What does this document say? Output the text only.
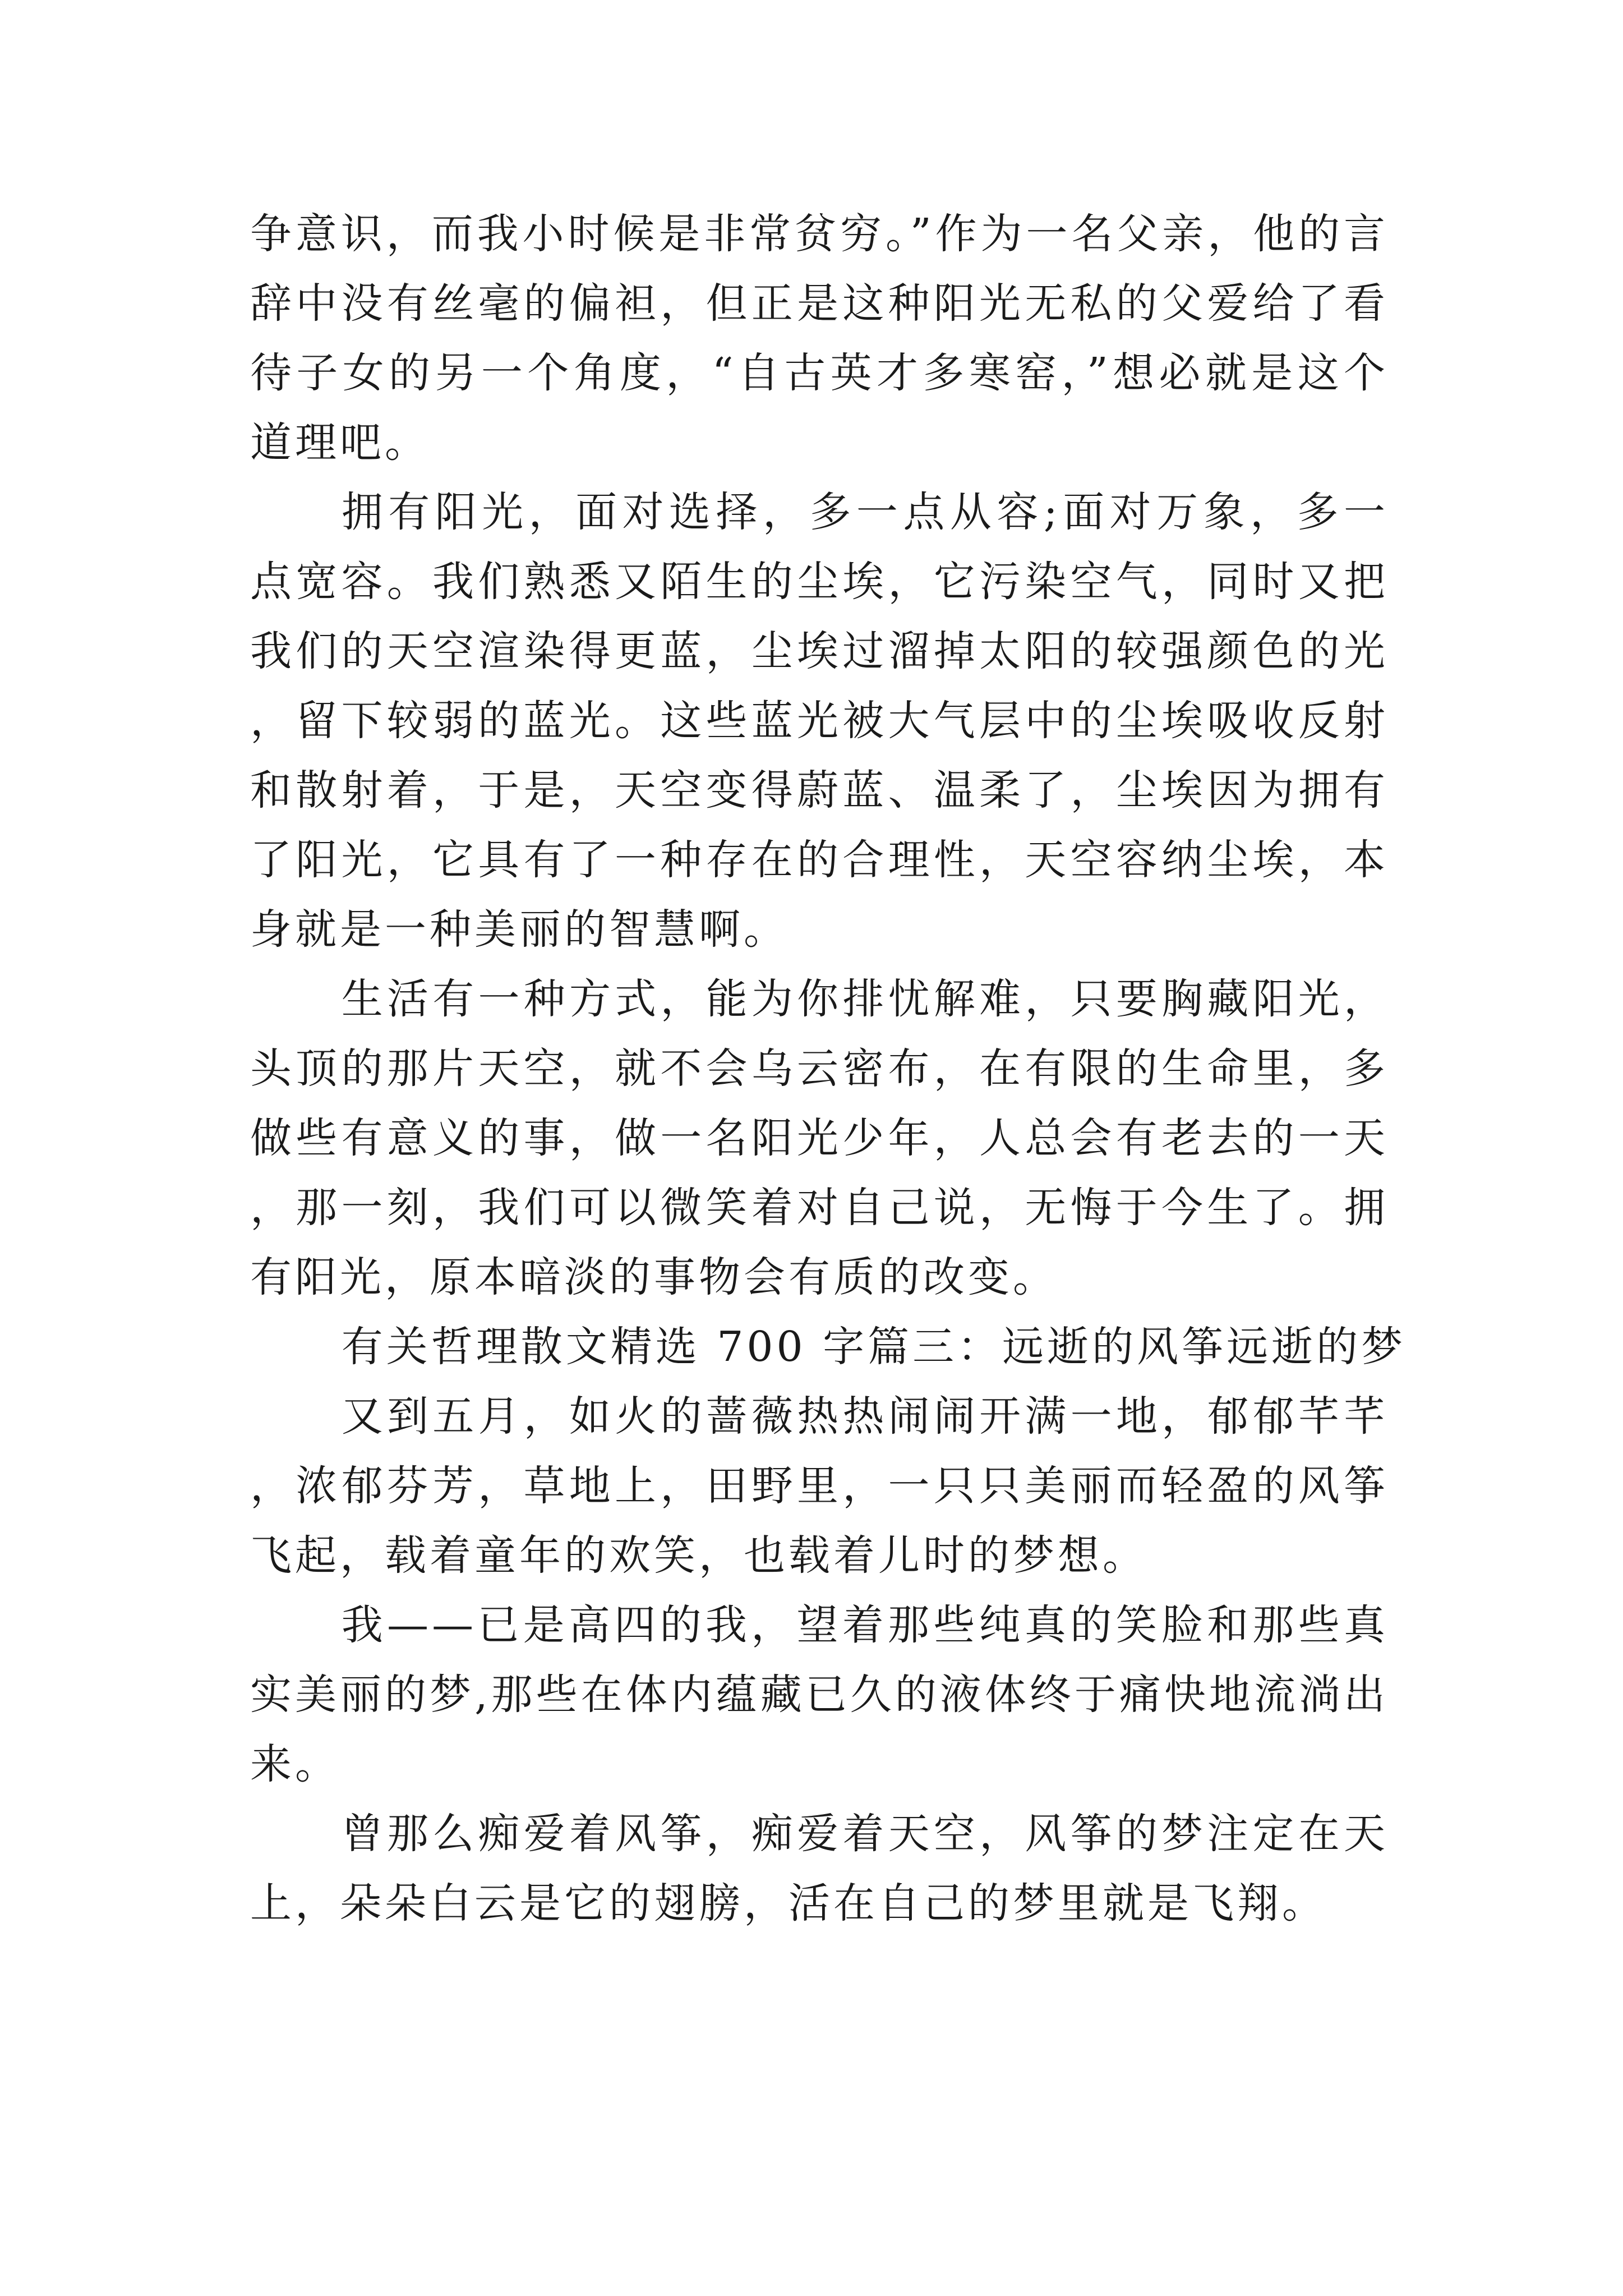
争意识，而我小时候是非常贫穷。”作为一名父亲，他的言辞中没有丝毫的偏袒，但正是这种阳光无私的父爱给了看待子女的另一个角度，“自古英才多寒窑，”想必就是这个道理吧。

拥有阳光，面对选择，多一点从容;面对万象，多一点宽容。我们熟悉又陌生的尘埃，它污染空气，同时又把我们的天空渲染得更蓝，尘埃过溜掉太阳的较强颜色的光，留下较弱的蓝光。这些蓝光被大气层中的尘埃吸收反射和散射着，于是，天空变得蔚蓝、温柔了，尘埃因为拥有了阳光，它具有了一种存在的合理性，天空容纳尘埃，本身就是一种美丽的智慧啊。

生活有一种方式，能为你排忧解难，只要胸藏阳光，头顶的那片天空，就不会乌云密布，在有限的生命里，多做些有意义的事，做一名阳光少年，人总会有老去的一天，那一刻，我们可以微笑着对自己说，无悔于今生了。拥有阳光，原本暗淡的事物会有质的改变。

有关哲理散文精选 700 字篇三：远逝的风筝远逝的梦

又到五月，如火的蔷薇热热闹闹开满一地，郁郁芊芊，浓郁芬芳，草地上，田野里，一只只美丽而轻盈的风筝飞起，载着童年的欢笑，也载着儿时的梦想。

我——已是高四的我，望着那些纯真的笑脸和那些真实美丽的梦,那些在体内蕴藏已久的液体终于痛快地流淌出来。

曾那么痴爱着风筝，痴爱着天空，风筝的梦注定在天上，朵朵白云是它的翅膀，活在自己的梦里就是飞翔。
